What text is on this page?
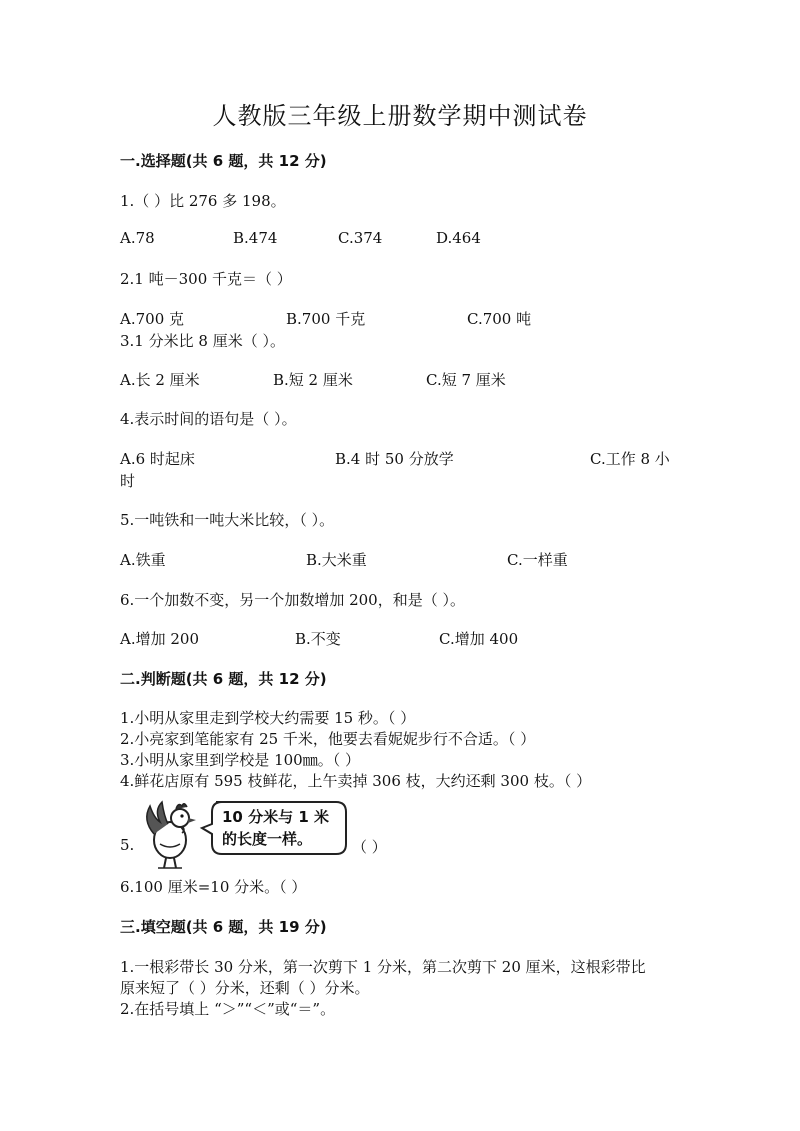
人教版三年级上册数学期中测试卷
一.选择题(共 6 题，共 12 分)
1.（ ）比 276 多 198。
A.78	B.474	C.374	D.464
2.1 吨－300 千克＝（ ）
A.700 克	B.700 千克	C.700 吨
3.1 分米比 8 厘米（ ）。
A.长 2 厘米	B.短 2 厘米	C.短 7 厘米
4.表示时间的语句是（ ）。
A.6 时起床	B.4 时 50 分放学	C.工作 8 小
时
5.一吨铁和一吨大米比较，（ ）。
A.铁重	B.大米重	C.一样重
6.一个加数不变，另一个加数增加 200，和是（ ）。
A.增加 200	B.不变	C.增加 400
二.判断题(共 6 题，共 12 分)
1.小明从家里走到学校大约需要 15 秒。（ ）
2.小亮家到笔能家有 25 千米，他要去看妮妮步行不合适。（ ）
3.小明从家里到学校是 100㎜。（ ）
4.鲜花店原有 595 枝鲜花，上午卖掉 306 枝，大约还剩 300 枝。（ ）
10 分米与 1 米
的长度一样。
5.	（ ）
6.100 厘米=10 分米。（ ）
三.填空题(共 6 题，共 19 分)
1.一根彩带长 30 分米，第一次剪下 1 分米，第二次剪下 20 厘米，这根彩带比
原来短了（ ）分米，还剩（ ）分米。
2.在括号填上 “＞”“＜”或“＝”。
